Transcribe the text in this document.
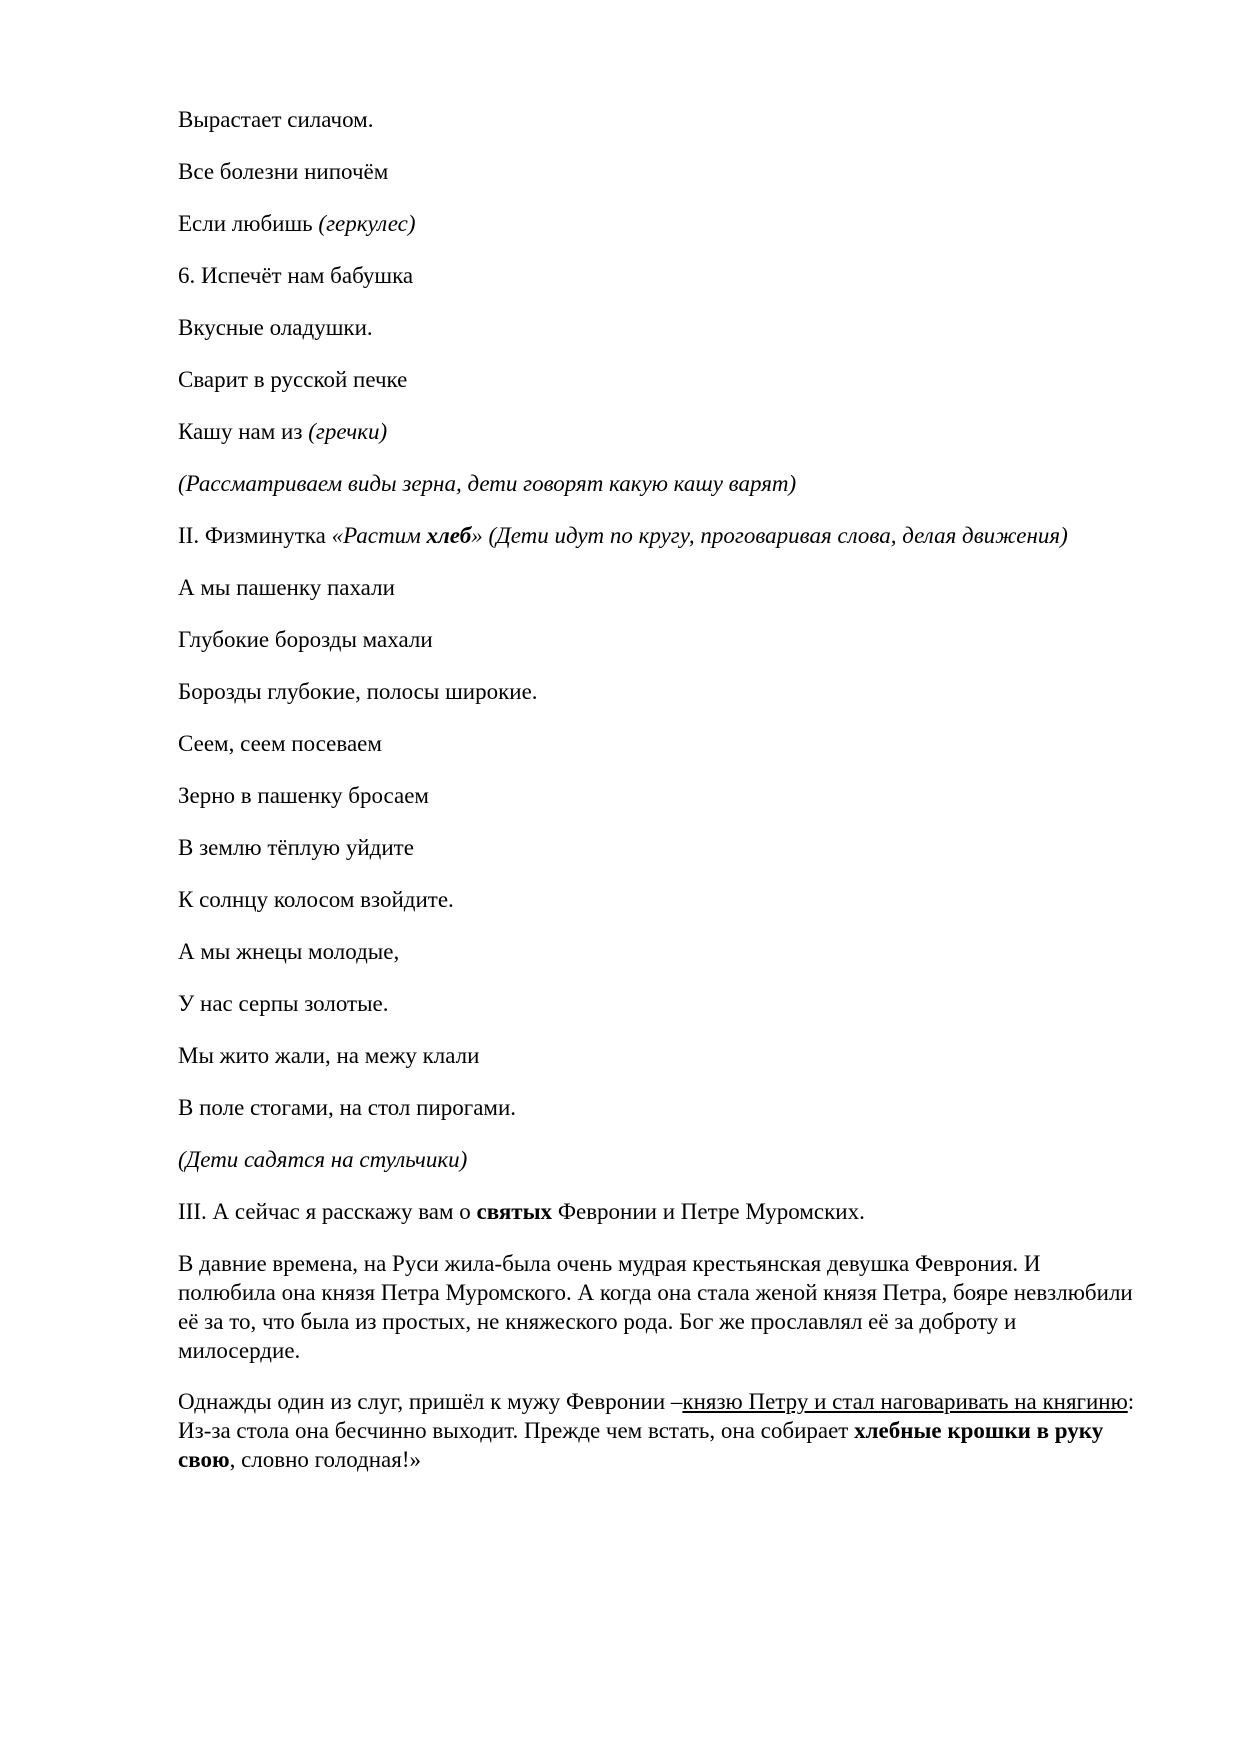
Вырастает силачом.
Все болезни нипочём
Если любишь (геркулес)
6. Испечёт нам бабушка
Вкусные оладушки.
Сварит в русской печке
Кашу нам из (гречки)
(Рассматриваем виды зерна, дети говорят какую кашу варят)
II. Физминутка «Растим хлеб» (Дети идут по кругу, проговаривая слова, делая движения)
А мы пашенку пахали
Глубокие борозды махали
Борозды глубокие, полосы широкие.
Сеем, сеем посеваем
Зерно в пашенку бросаем
В землю тёплую уйдите
К солнцу колосом взойдите.
А мы жнецы молодые,
У нас серпы золотые.
Мы жито жали, на межу клали
В поле стогами, на стол пирогами.
(Дети садятся на стульчики)
III. А сейчас я расскажу вам о святых Февронии и Петре Муромских.
В давние времена, на Руси жила-была очень мудрая крестьянская девушка Феврония. И полюбила она князя Петра Муромского. А когда она стала женой князя Петра, бояре невзлюбили её за то, что была из простых, не княжеского рода. Бог же прославлял её за доброту и милосердие.
Однажды один из слуг, пришёл к мужу Февронии –князю Петру и стал наговаривать на княгиню: Из-за стола она бесчинно выходит. Прежде чем встать, она собирает хлебные крошки в руку свою, словно голодная!»
